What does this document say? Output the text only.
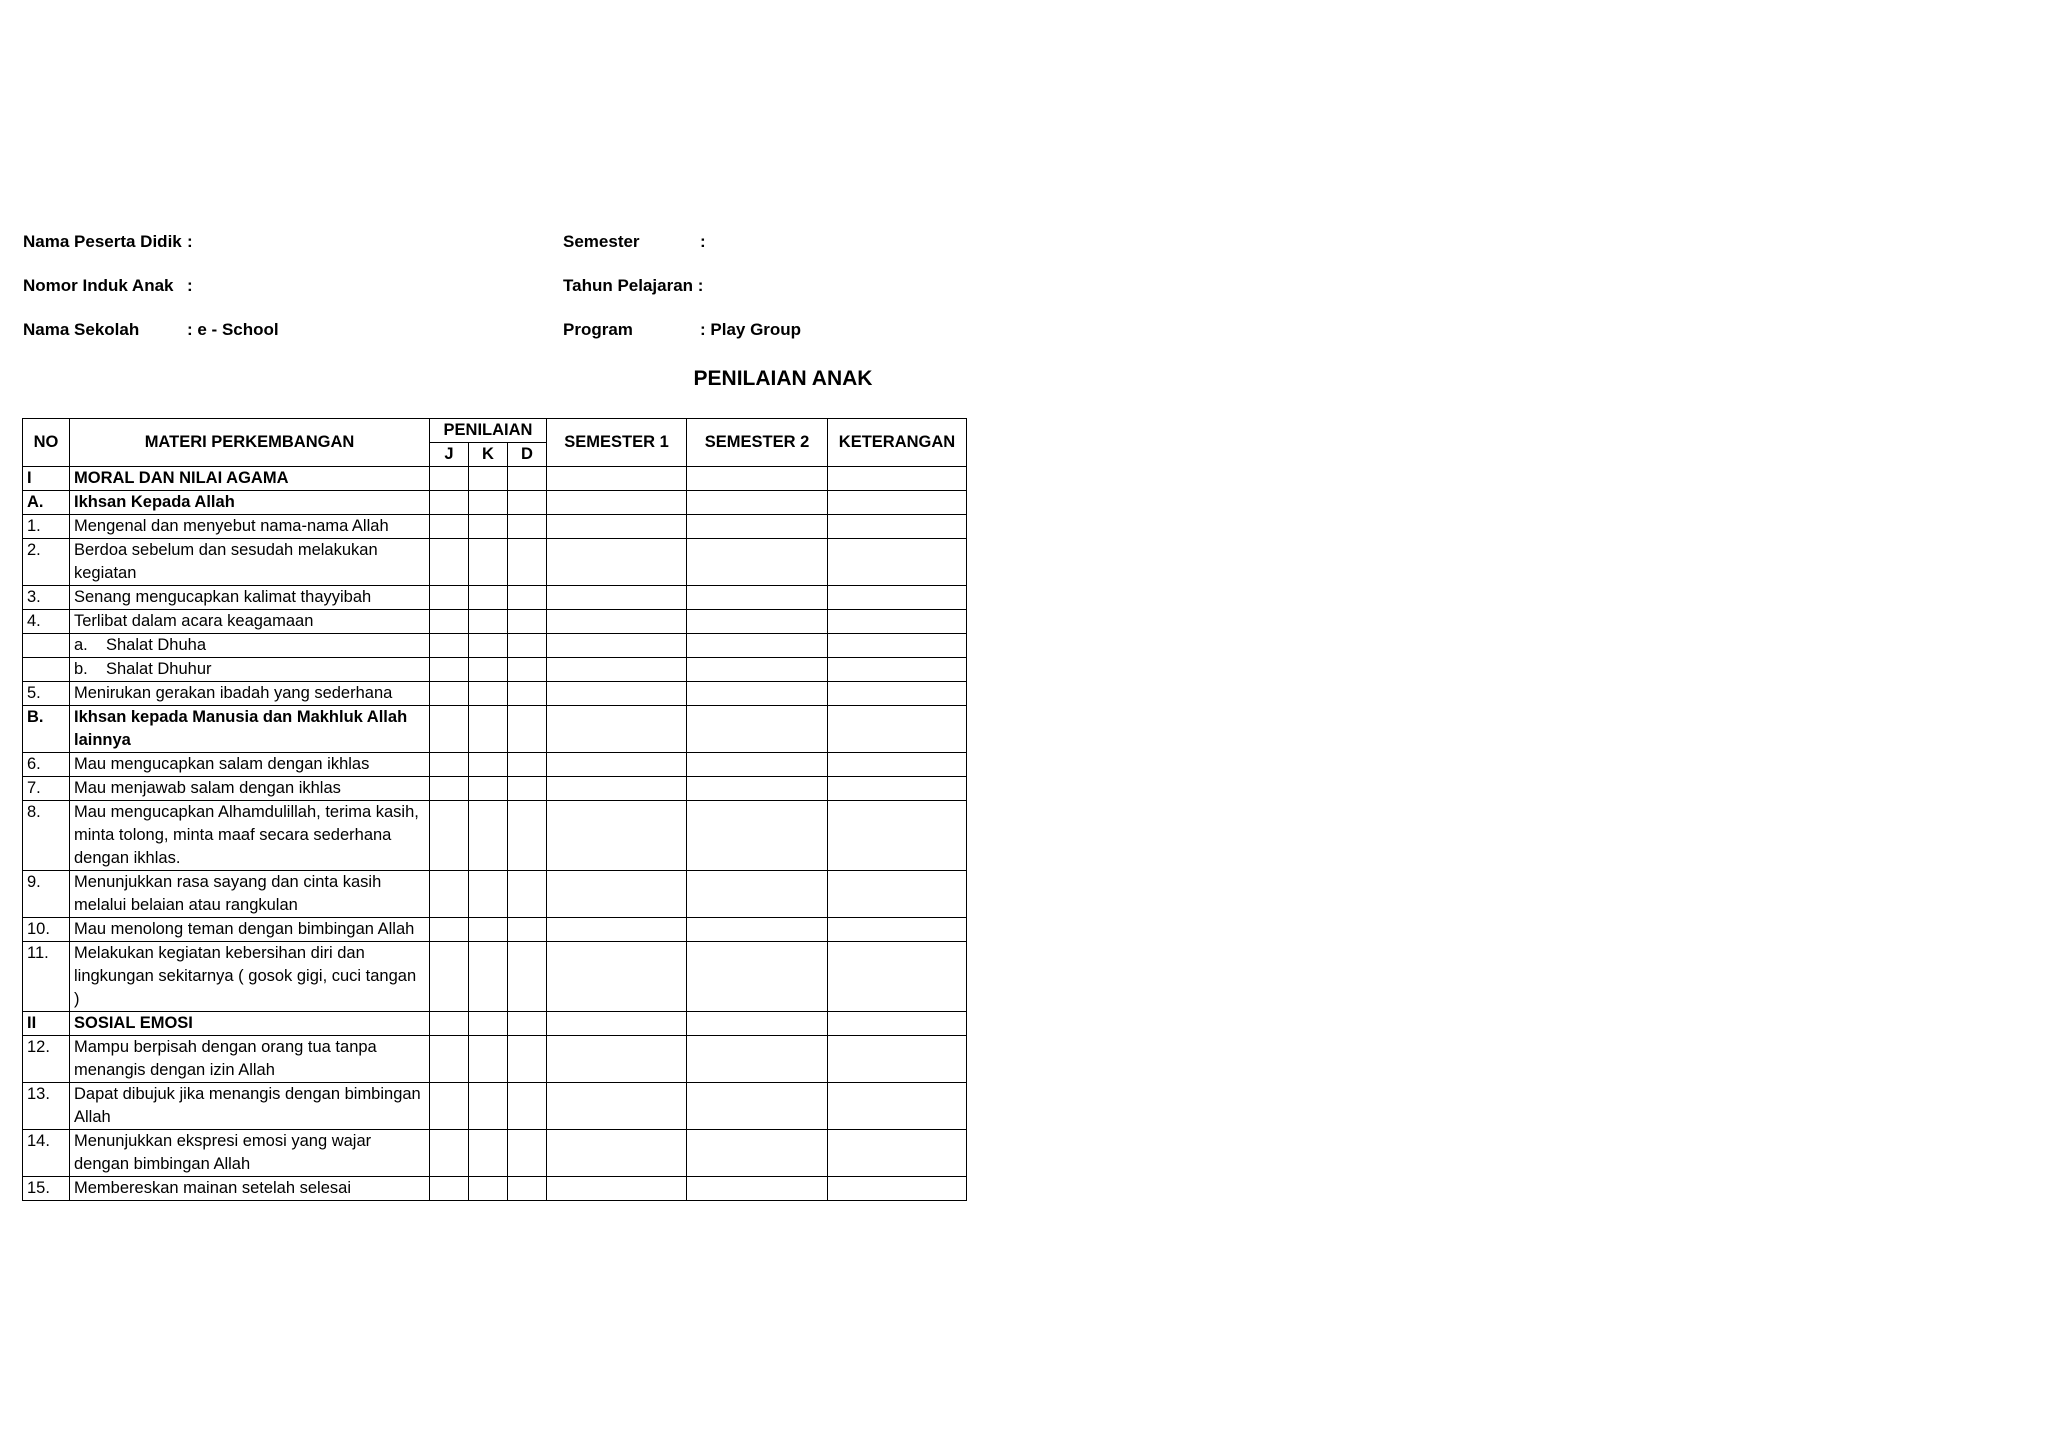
Nama Peserta Didik :
Nomor Induk Anak :
Nama Sekolah	: e - School
Semester	:
Tahun Pelajaran :
Program	: Play Group
PENILAIAN ANAK
NO	MATERI PERKEMBANGAN	PENILAIAN			SEMESTER 1	SEMESTER 2	KETERANGAN
		J	K	D			
I	MORAL DAN NILAI AGAMA						
A.	Ikhsan Kepada Allah						
1.	Mengenal dan menyebut nama-nama Allah						
2.	Berdoa sebelum dan sesudah melakukan kegiatan						
3.	Senang mengucapkan kalimat thayyibah						
4.	Terlibat dalam acara keagamaan						
	a. Shalat Dhuha						
	b. Shalat Dhuhur						
5.	Menirukan gerakan ibadah yang sederhana						
B.	Ikhsan kepada Manusia dan Makhluk Allah lainnya						
6.	Mau mengucapkan salam dengan ikhlas						
7.	Mau menjawab salam dengan ikhlas						
8.	Mau mengucapkan Alhamdulillah, terima kasih, minta tolong, minta maaf secara sederhana dengan ikhlas.						
9.	Menunjukkan rasa sayang dan cinta kasih melalui belaian atau rangkulan						
10.	Mau menolong teman dengan bimbingan Allah						
11.	Melakukan kegiatan kebersihan diri dan lingkungan sekitarnya ( gosok gigi, cuci tangan )						
II	SOSIAL EMOSI						
12.	Mampu berpisah dengan orang tua tanpa menangis dengan izin Allah						
13.	Dapat dibujuk jika menangis dengan bimbingan Allah						
14.	Menunjukkan ekspresi emosi yang wajar dengan bimbingan Allah						
15.	Membereskan mainan setelah selesai						
